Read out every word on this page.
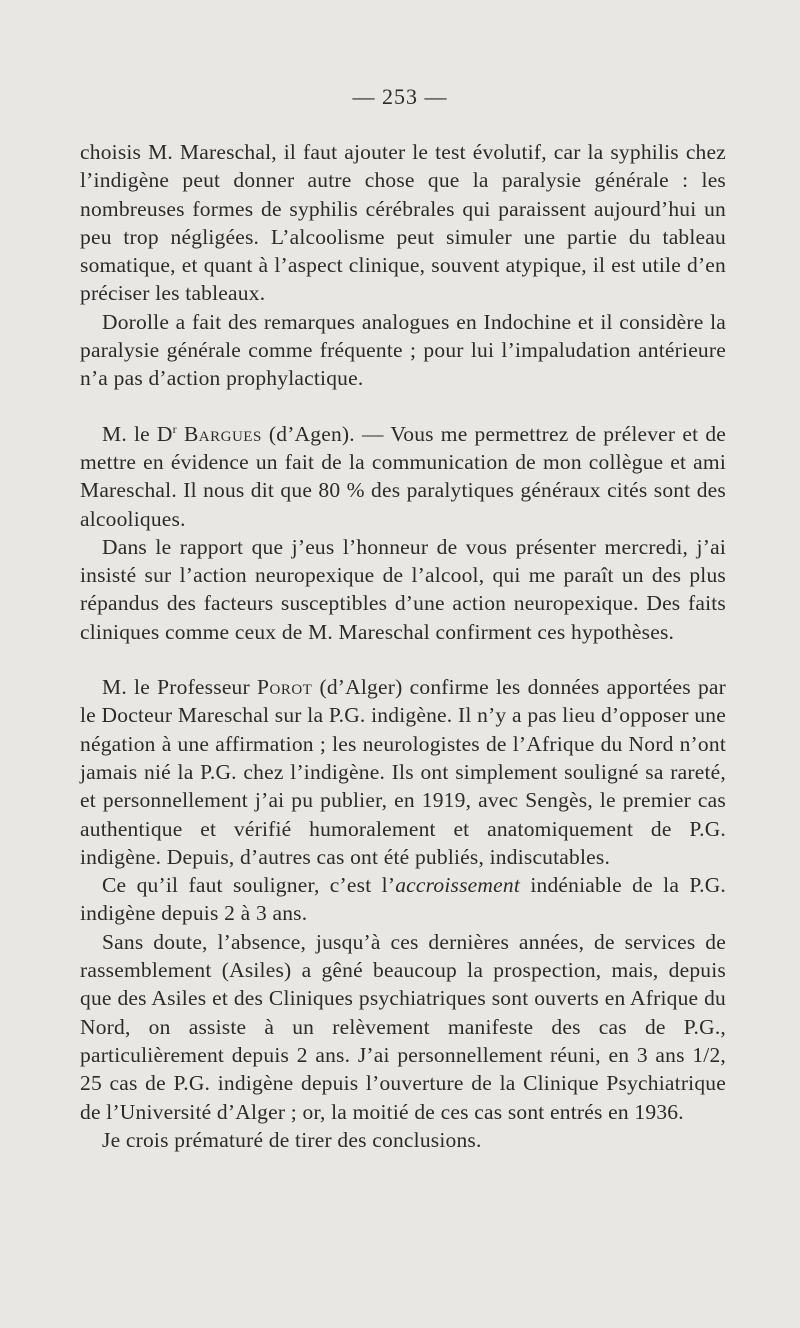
— 253 —

choisis M. Mareschal, il faut ajouter le test évolutif, car la syphilis chez l’indigène peut donner autre chose que la paralysie générale : les nombreuses formes de syphilis cérébrales qui paraissent aujourd’hui un peu trop négligées. L’alcoolisme peut simuler une partie du tableau somatique, et quant à l’aspect clinique, souvent atypique, il est utile d’en préciser les tableaux.

Dorolle a fait des remarques analogues en Indochine et il considère la paralysie générale comme fréquente ; pour lui l’impaludation antérieure n’a pas d’action prophylactique.

M. le $D^r$ Bargues (d’Agen). — Vous me permettrez de prélever et de mettre en évidence un fait de la communication de mon collègue et ami Mareschal. Il nous dit que 80 % des paralytiques généraux cités sont des alcooliques.

Dans le rapport que j’eus l’honneur de vous présenter mercredi, j’ai insisté sur l’action neuropexique de l’alcool, qui me paraît un des plus répandus des facteurs susceptibles d’une action neuropexique. Des faits cliniques comme ceux de M. Mareschal confirment ces hypothèses.

M. le Professeur Porot (d’Alger) confirme les données apportées par le Docteur Mareschal sur la P.G. indigène. Il n’y a pas lieu d’opposer une négation à une affirmation ; les neurologistes de l’Afrique du Nord n’ont jamais nié la P.G. chez l’indigène. Ils ont simplement souligné sa rareté, et personnellement j’ai pu publier, en 1919, avec Sengès, le premier cas authentique et vérifié humoralement et anatomiquement de P.G. indigène. Depuis, d’autres cas ont été publiés, indiscutables.

Ce qu’il faut souligner, c’est l’accroissement indéniable de la P.G. indigène depuis 2 à 3 ans.

Sans doute, l’absence, jusqu’à ces dernières années, de services de rassemblement (Asiles) a gêné beaucoup la prospection, mais, depuis que des Asiles et des Cliniques psychiatriques sont ouverts en Afrique du Nord, on assiste à un relèvement manifeste des cas de P.G., particulièrement depuis 2 ans. J’ai personnellement réuni, en 3 ans 1/2, 25 cas de P.G. indigène depuis l’ouverture de la Clinique Psychiatrique de l’Université d’Alger ; or, la moitié de ces cas sont entrés en 1936.

Je crois prématuré de tirer des conclusions.
